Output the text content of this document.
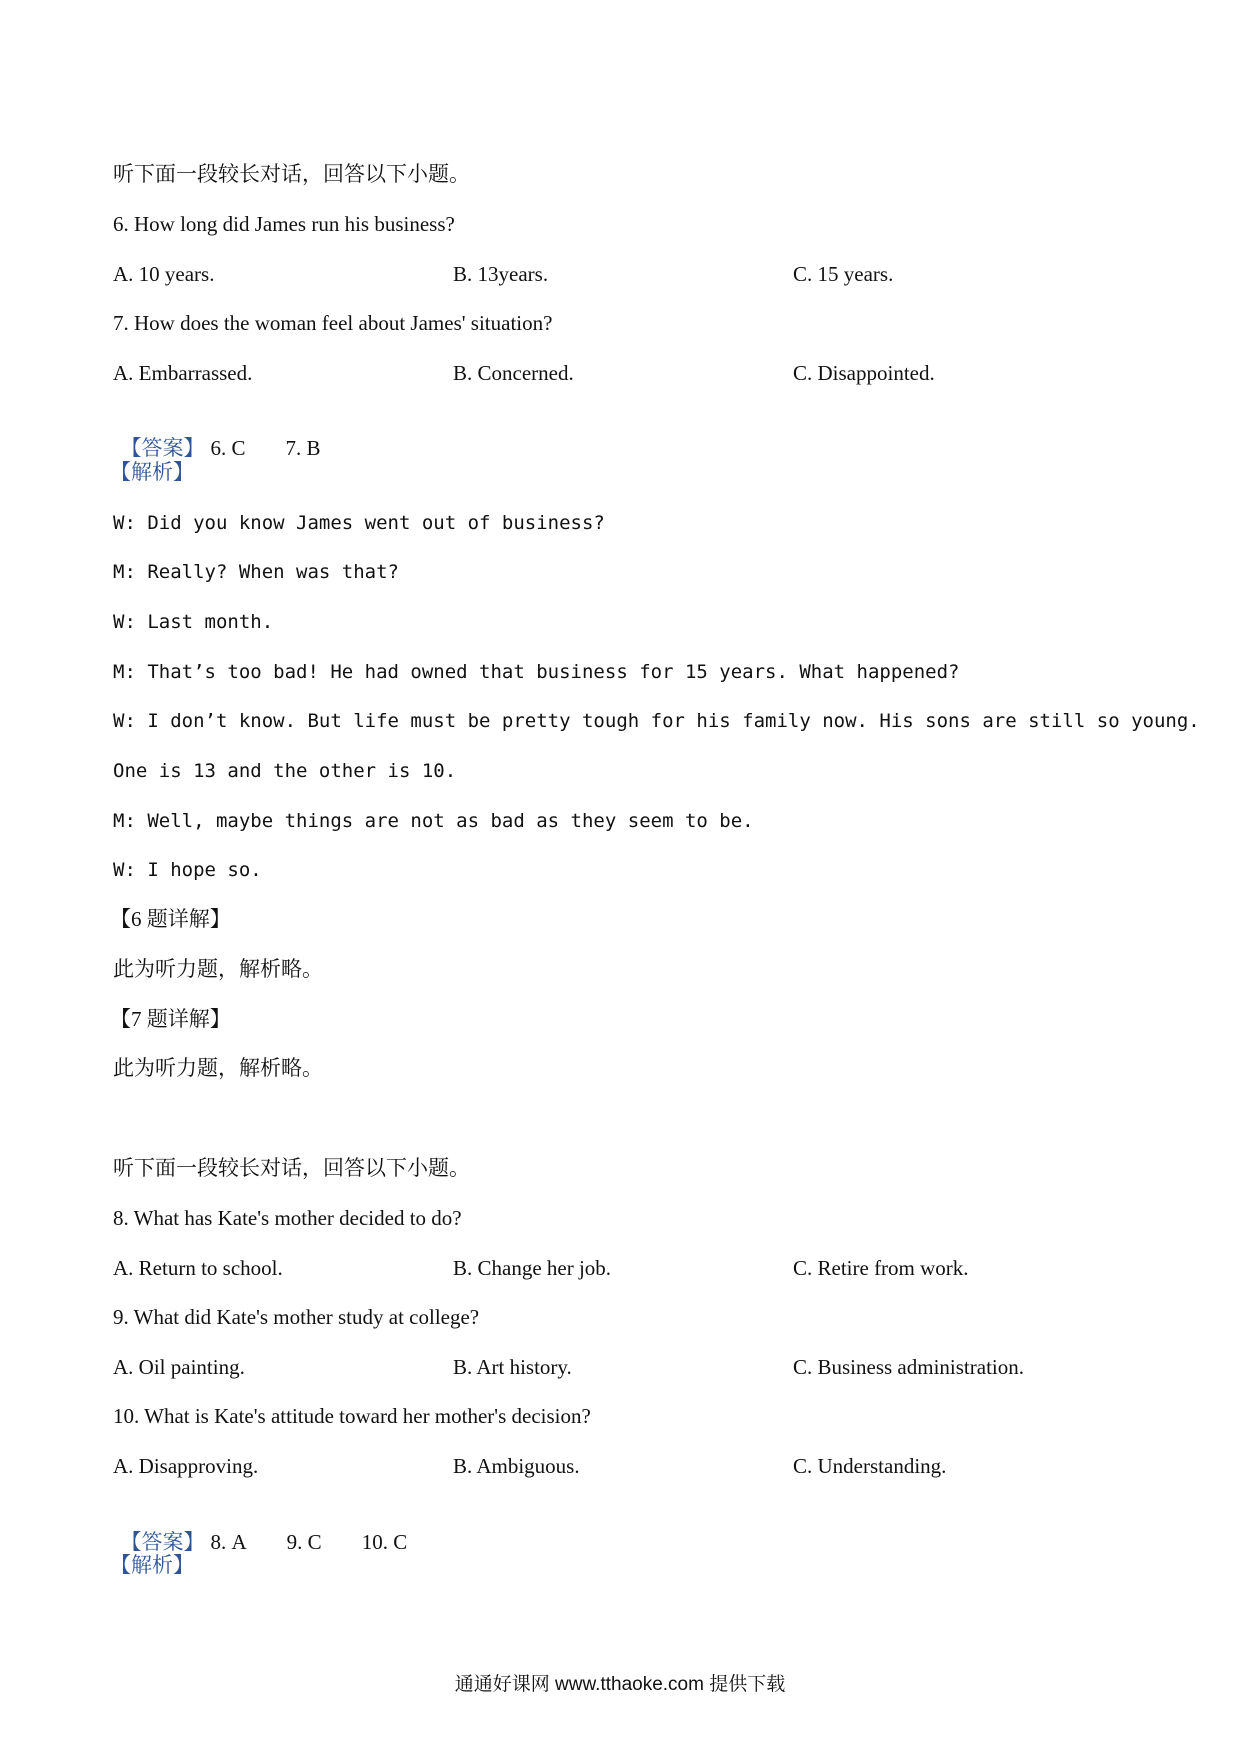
听下面一段较长对话，回答以下小题。
6. How long did James run his business?
A. 10 years.	B. 13years.	C. 15 years.
7. How does the woman feel about James' situation?
A. Embarrassed.	B. Concerned.	C. Disappointed.

【答案】 6. C 7. B

【解析】
W: Did you know James went out of business?
M: Really? When was that?
W: Last month.
M: That’s too bad! He had owned that business for 15 years. What happened?
W: I don’t know. But life must be pretty tough for his family now. His sons are still so young.
One is 13 and the other is 10.
M: Well, maybe things are not as bad as they seem to be.
W: I hope so.
【6 题详解】
此为听力题，解析略。
【7 题详解】
此为听力题，解析略。
听下面一段较长对话，回答以下小题。
8. What has Kate's mother decided to do?
A. Return to school.	B. Change her job.	C. Retire from work.
9. What did Kate's mother study at college?
A. Oil painting.	B. Art history.	C. Business administration.
10. What is Kate's attitude toward her mother's decision?
A. Disapproving.	B. Ambiguous.	C. Understanding.

【答案】 8. A 9. C 10. C

【解析】
通通好课网 www.tthaoke.com 提供下载
